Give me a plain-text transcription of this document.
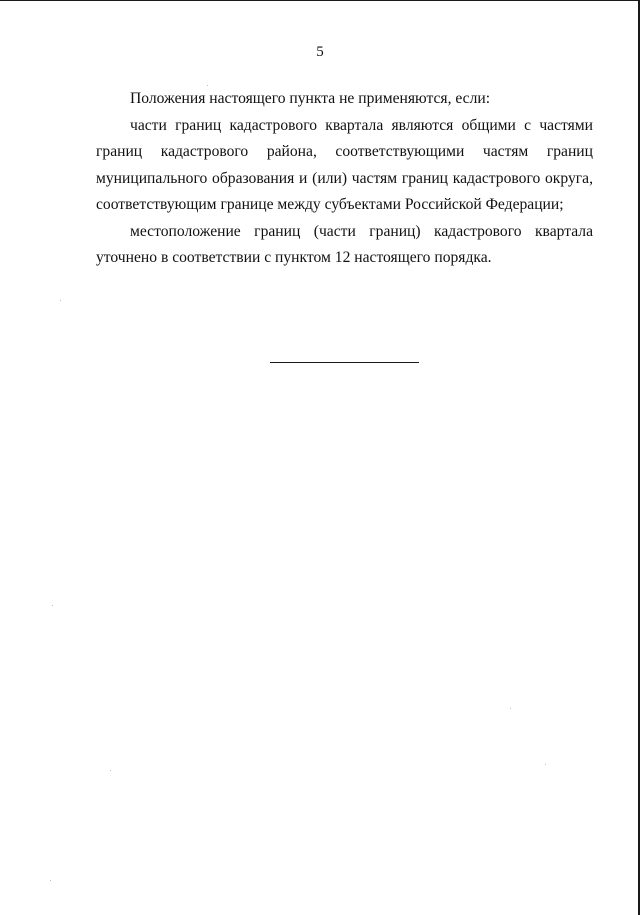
5

Положения настоящего пункта не применяются, если:

части границ кадастрового квартала являются общими с частями границ кадастрового района, соответствующими частям границ муниципального образования и (или) частям границ кадастрового округа, соответствующим границе между субъектами Российской Федерации;

местоположение границ (части границ) кадастрового квартала уточнено в соответствии с пунктом 12 настоящего порядка.
